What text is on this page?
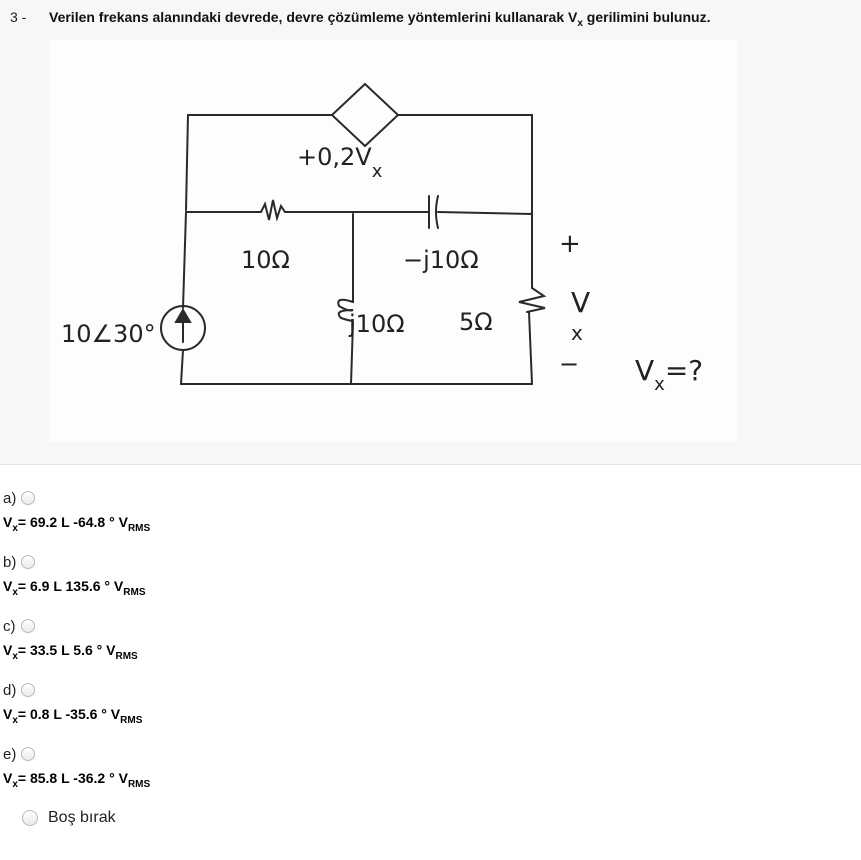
3 - Verilen frekans alanındaki devrede, devre çözümleme yöntemlerini kullanarak $V_x$ gerilimini bulunuz.
$+0,2V_x$
10Ω	−j10Ω
10∠30°	j10Ω 5Ω
+
V x
− $V_x=$?
a)
$V_x= 69.2$ L -64.8 ° $V_{RMS}$
b)
$V_x= 6.9$ L 135.6 ° $V_{RMS}$
c)
$V_x= 33.5$ L 5.6 ° $V_{RMS}$
d)
$V_x= 0.8$ L -35.6 ° $V_{RMS}$
e)
$V_x= 85.8$ L -36.2 ° $V_{RMS}$
Boş bırak
